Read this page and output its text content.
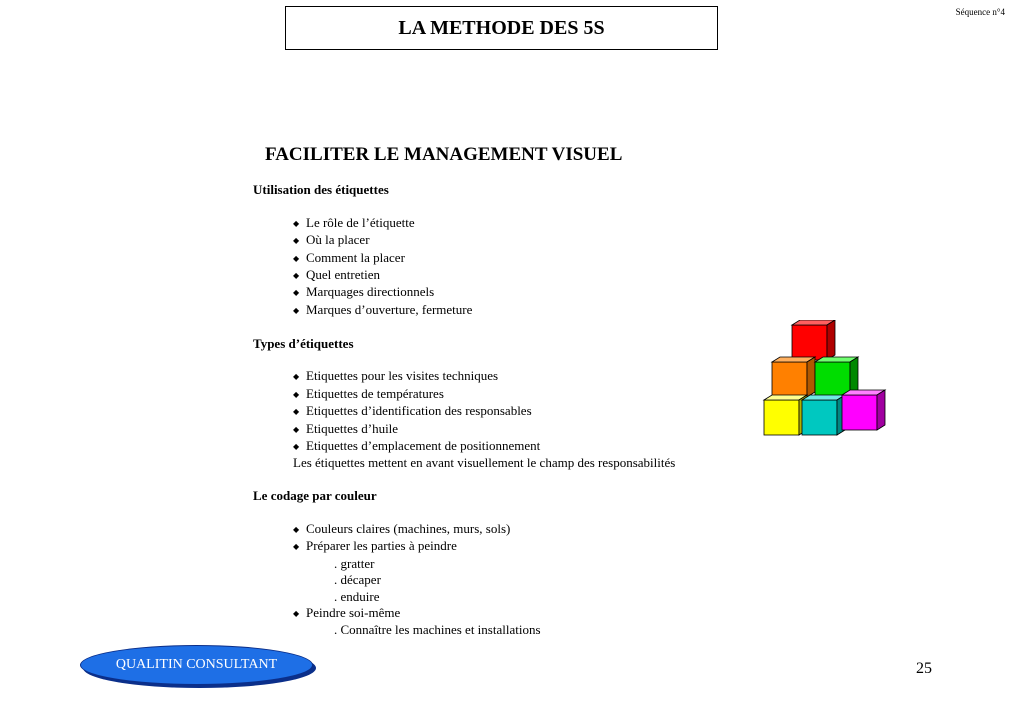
Séquence n°4
LA METHODE DES 5S
FACILITER LE MANAGEMENT VISUEL

Utilisation des étiquettes

◆ Le rôle de l’étiquette
◆ Où la placer
◆ Comment la placer
◆ Quel entretien
◆ Marquages directionnels
◆ Marques d’ouverture, fermeture

Types d’étiquettes

◆ Etiquettes pour les visites techniques
◆ Etiquettes de températures
◆ Etiquettes d’identification des responsables
◆ Etiquettes d’huile
◆ Etiquettes d’emplacement de positionnement
Les étiquettes mettent en avant visuellement le champ des responsabilités

Le codage par couleur

◆ Couleurs claires (machines, murs, sols)
◆ Préparer les parties à peindre
. gratter
. décaper
. enduire
◆ Peindre soi-même
. Connaître les machines et installations
QUALITIN CONSULTANT	25
